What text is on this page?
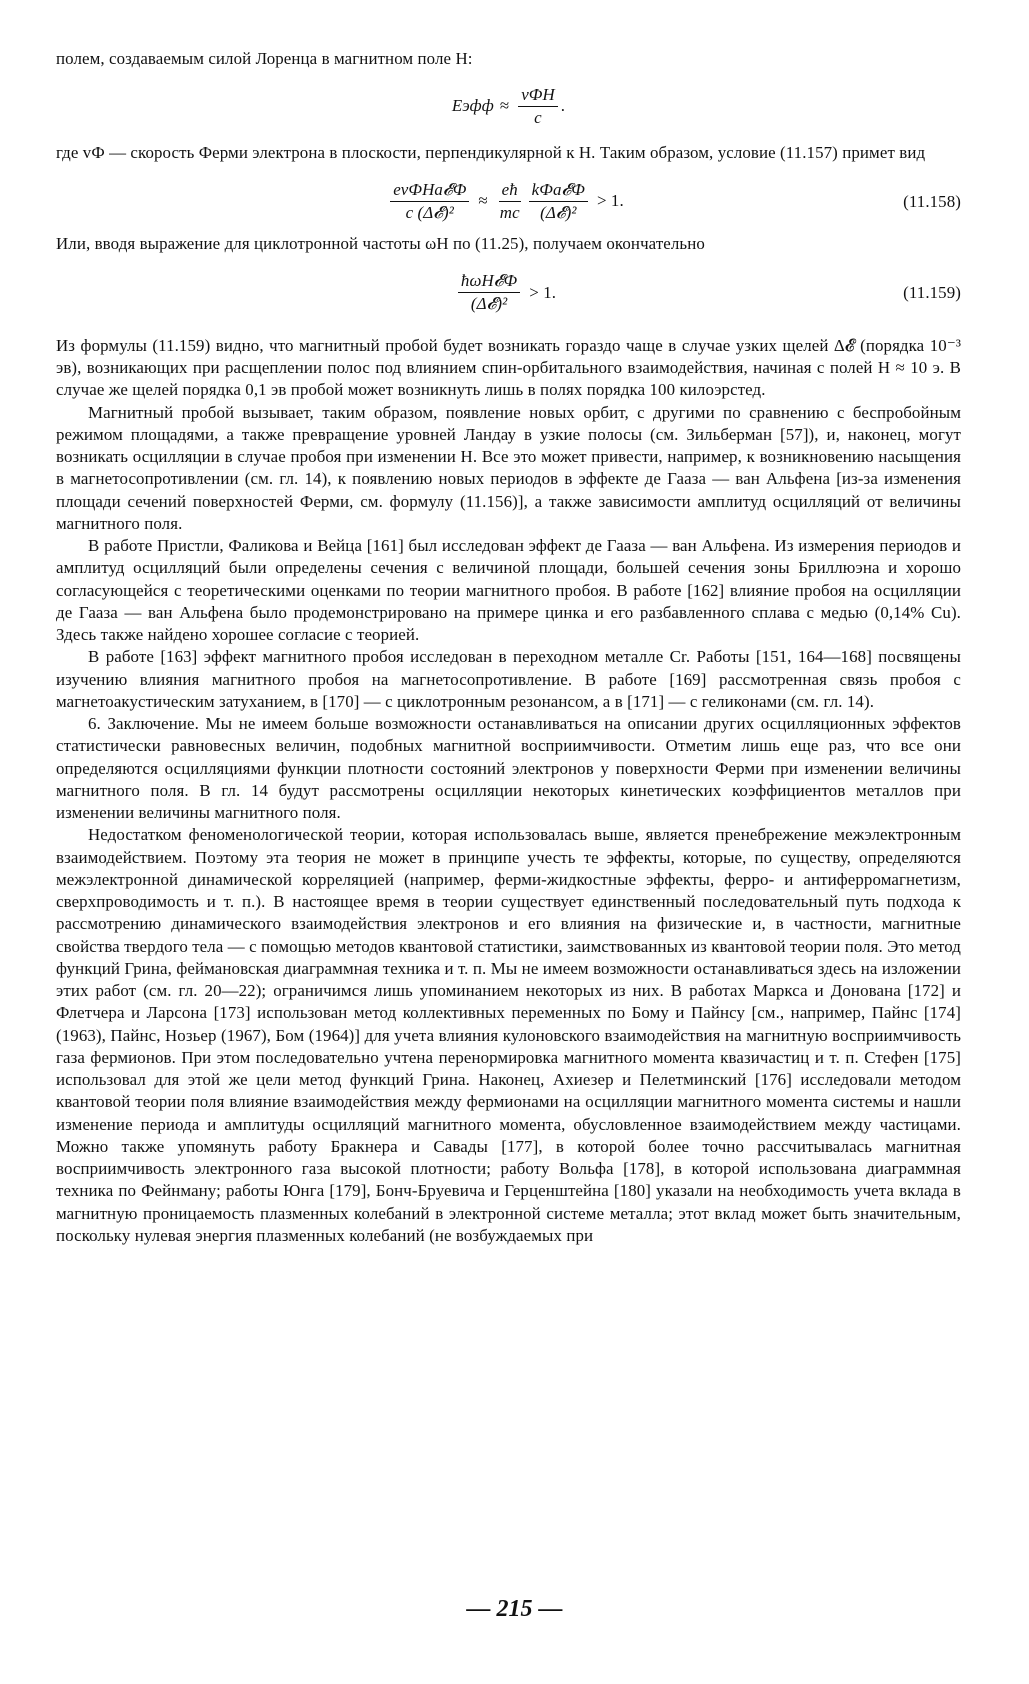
полем, создаваемым силой Лоренца в магнитном поле H:

Eэфф ≈ $\frac{\text{vФH}}{c}$ .

где vФ — скорость Ферми электрона в плоскости, перпендикулярной к H. Таким образом, условие (11.157) примет вид

$\frac{\text{evФHa𝓔Ф}}{\text{c (Δ𝓔)²}} \approx \frac{eħ}{mc} \frac{\text{kФa𝓔Ф}}{\text{(Δ𝓔)²}} > 1$.	(11.158)

Или, вводя выражение для циклотронной частоты ωH по (11.25), получаем окончательно

$\frac{\text{ħωH𝓔Ф}}{\text{(Δ𝓔)²}} > 1$.	(11.159)

Из формулы (11.159) видно, что магнитный пробой будет возникать гораздо чаще в случае узких щелей Δ𝓔 (порядка 10⁻³ эв), возникающих при расщеплении полос под влиянием спин-орбитального взаимодействия, начиная с полей H ≈ 10 э. В случае же щелей порядка 0,1 эв пробой может возникнуть лишь в полях порядка 100 килоэрстед.

Магнитный пробой вызывает, таким образом, появление новых орбит, с другими по сравнению с беспробойным режимом площадями, а также превращение уровней Ландау в узкие полосы (см. Зильберман [57]), и, наконец, могут возникать осцилляции в случае пробоя при изменении H. Все это может привести, например, к возникновению насыщения в магнетосопротивлении (см. гл. 14), к появлению новых периодов в эффекте де Гааза — ван Альфена [из-за изменения площади сечений поверхностей Ферми, см. формулу (11.156)], а также зависимости амплитуд осцилляций от величины магнитного поля.

В работе Пристли, Фаликова и Вейца [161] был исследован эффект де Гааза — ван Альфена. Из измерения периодов и амплитуд осцилляций были определены сечения с величиной площади, большей сечения зоны Бриллюэна и хорошо согласующейся с теоретическими оценками по теории магнитного пробоя. В работе [162] влияние пробоя на осцилляции де Гааза — ван Альфена было продемонстрировано на примере цинка и его разбавленного сплава с медью (0,14% Cu). Здесь также найдено хорошее согласие с теорией.

В работе [163] эффект магнитного пробоя исследован в переходном металле Cr. Работы [151, 164—168] посвящены изучению влияния магнитного пробоя на магнетосопротивление. В работе [169] рассмотренная связь пробоя с магнетоакустическим затуханием, в [170] — с циклотронным резонансом, а в [171] — с геликонами (см. гл. 14).

6. Заключение. Мы не имеем больше возможности останавливаться на описании других осцилляционных эффектов статистически равновесных величин, подобных магнитной восприимчивости. Отметим лишь еще раз, что все они определяются осцилляциями функции плотности состояний электронов у поверхности Ферми при изменении величины магнитного поля. В гл. 14 будут рассмотрены осцилляции некоторых кинетических коэффициентов металлов при изменении величины магнитного поля.

Недостатком феноменологической теории, которая использовалась выше, является пренебрежение межэлектронным взаимодействием. Поэтому эта теория не может в принципе учесть те эффекты, которые, по существу, определяются межэлектронной динамической корреляцией (например, ферми-жидкостные эффекты, ферро- и антиферромагнетизм, сверхпроводимость и т. п.). В настоящее время в теории существует единственный последовательный путь подхода к рассмотрению динамического взаимодействия электронов и его влияния на физические и, в частности, магнитные свойства твердого тела — с помощью методов квантовой статистики, заимствованных из квантовой теории поля. Это метод функций Грина, феймановская диаграммная техника и т. п. Мы не имеем возможности останавливаться здесь на изложении этих работ (см. гл. 20—22); ограничимся лишь упоминанием некоторых из них. В работах Маркса и Донована [172] и Флетчера и Ларсона [173] использован метод коллективных переменных по Бому и Пайнсу [см., например, Пайнс [174] (1963), Пайнс, Нозьер (1967), Бом (1964)] для учета влияния кулоновского взаимодействия на магнитную восприимчивость газа фермионов. При этом последовательно учтена перенормировка магнитного момента квазичастиц и т. п. Стефен [175] использовал для этой же цели метод функций Грина. Наконец, Ахиезер и Пелетминский [176] исследовали методом квантовой теории поля влияние взаимодействия между фермионами на осцилляции магнитного момента системы и нашли изменение периода и амплитуды осцилляций магнитного момента, обусловленное взаимодействием между частицами. Можно также упомянуть работу Бракнера и Савады [177], в которой более точно рассчитывалась магнитная восприимчивость электронного газа высокой плотности; работу Вольфа [178], в которой использована диаграммная техника по Фейнману; работы Юнга [179], Бонч-Бруевича и Герценштейна [180] указали на необходимость учета вклада в магнитную проницаемость плазменных колебаний в электронной системе металла; этот вклад может быть значительным, поскольку нулевая энергия плазменных колебаний (не возбуждаемых при

— 215 —
